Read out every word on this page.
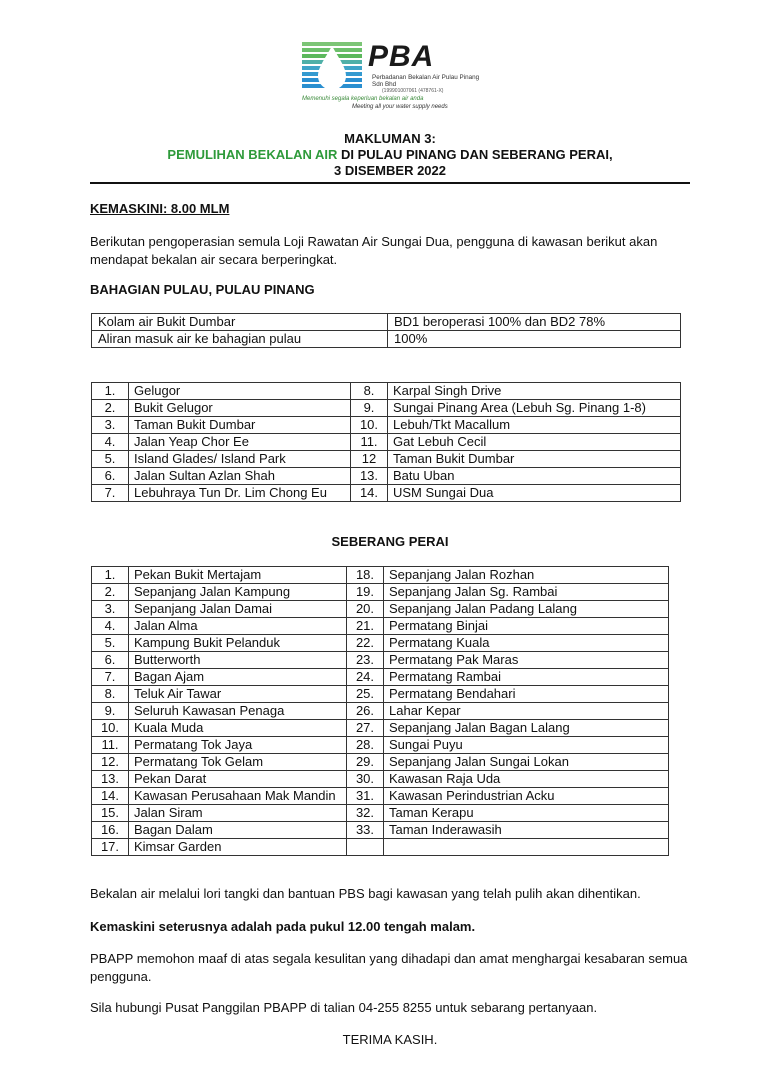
PBA
Perbadanan Bekalan Air Pulau Pinang Sdn Bhd
(199901007061 (478761-X)
Memenuhi segala keperluan bekalan air anda
Meeting all your water supply needs
MAKLUMAN 3:
PEMULIHAN BEKALAN AIR DI PULAU PINANG DAN SEBERANG PERAI,
3 DISEMBER 2022
KEMASKINI: 8.00 MLM
Berikutan pengoperasian semula Loji Rawatan Air Sungai Dua, pengguna di kawasan berikut akan mendapat bekalan air secara berperingkat.
BAHAGIAN PULAU, PULAU PINANG
Kolam air Bukit Dumbar	BD1 beroperasi 100% dan BD2 78%
Aliran masuk air ke bahagian pulau	100%
1.	Gelugor	8.	Karpal Singh Drive
2.	Bukit Gelugor	9.	Sungai Pinang Area (Lebuh Sg. Pinang 1-8)
3.	Taman Bukit Dumbar	10.	Lebuh/Tkt Macallum
4.	Jalan Yeap Chor Ee	11.	Gat Lebuh Cecil
5.	Island Glades/ Island Park	12	Taman Bukit Dumbar
6.	Jalan Sultan Azlan Shah	13.	Batu Uban
7.	Lebuhraya Tun Dr. Lim Chong Eu	14.	USM Sungai Dua
SEBERANG PERAI
1.	Pekan Bukit Mertajam	18.	Sepanjang Jalan Rozhan
2.	Sepanjang Jalan Kampung	19.	Sepanjang Jalan Sg. Rambai
3.	Sepanjang Jalan Damai	20.	Sepanjang Jalan Padang Lalang
4.	Jalan Alma	21.	Permatang Binjai
5.	Kampung Bukit Pelanduk	22.	Permatang Kuala
6.	Butterworth	23.	Permatang Pak Maras
7.	Bagan Ajam	24.	Permatang Rambai
8.	Teluk Air Tawar	25.	Permatang Bendahari
9.	Seluruh Kawasan Penaga	26.	Lahar Kepar
10.	Kuala Muda	27.	Sepanjang Jalan Bagan Lalang
11.	Permatang Tok Jaya	28.	Sungai Puyu
12.	Permatang Tok Gelam	29.	Sepanjang Jalan Sungai Lokan
13.	Pekan Darat	30.	Kawasan Raja Uda
14.	Kawasan Perusahaan Mak Mandin	31.	Kawasan Perindustrian Acku
15.	Jalan Siram	32.	Taman Kerapu
16.	Bagan Dalam	33.	Taman Inderawasih
17.	Kimsar Garden		
Bekalan air melalui lori tangki dan bantuan PBS bagi kawasan yang telah pulih akan dihentikan.
Kemaskini seterusnya adalah pada pukul 12.00 tengah malam.
PBAPP memohon maaf di atas segala kesulitan yang dihadapi dan amat menghargai kesabaran semua pengguna.
Sila hubungi Pusat Panggilan PBAPP di talian 04-255 8255 untuk sebarang pertanyaan.
TERIMA KASIH.
